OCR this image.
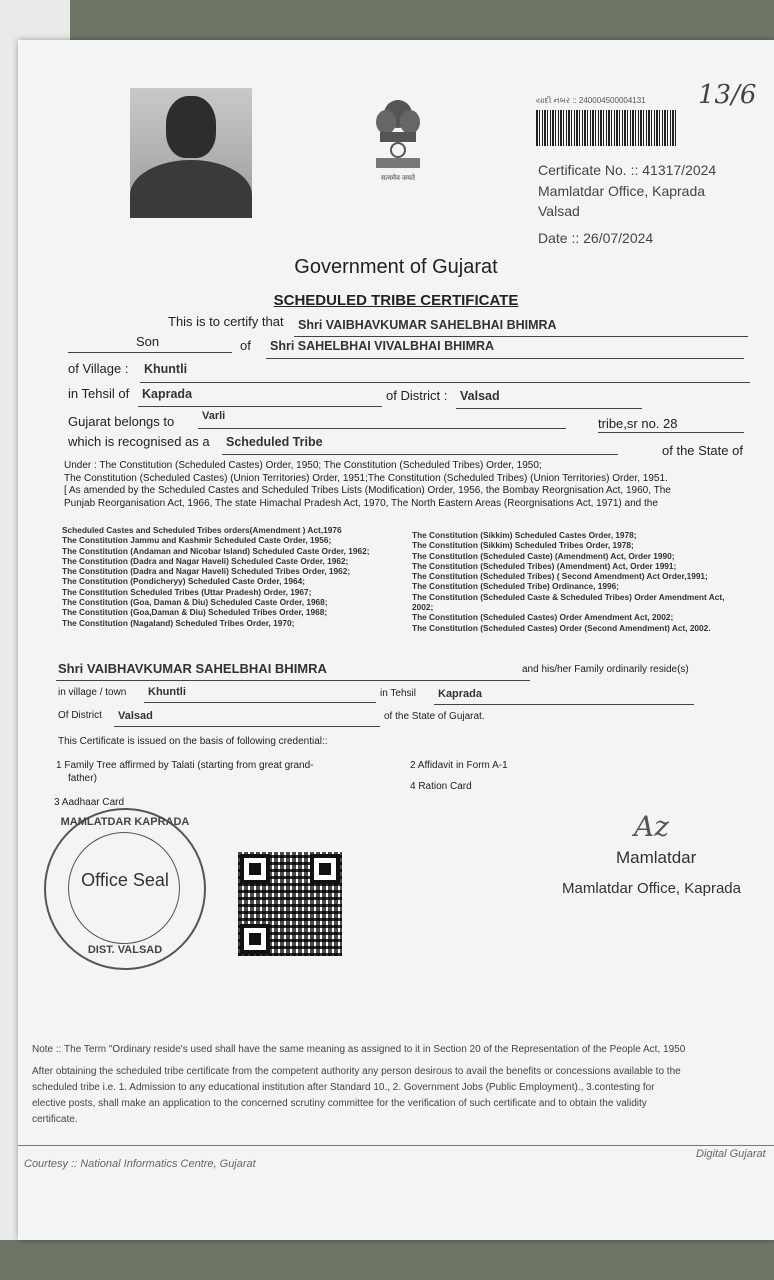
सत्यमेव जयते
યાદી નંબર :: 240004500004131 13/6
Certificate No. :: 41317/2024
Mamlatdar Office, Kaprada
Valsad
Date :: 26/07/2024
Government of Gujarat
SCHEDULED TRIBE CERTIFICATE
This is to certify that Shri VAIBHAVKUMAR SAHELBHAI BHIMRA
Son	of Shri SAHELBHAI VIVALBHAI BHIMRA
of Village : Khuntli
in Tehsil of Kaprada	of District : Valsad
Gujarat belongs to	Varli	tribe,sr no. 28
which is recognised as a Scheduled Tribe
of the State of
Under : The Constitution (Scheduled Castes) Order, 1950; The Constitution (Scheduled Tribes) Order, 1950;
The Constitution (Scheduled Castes) (Union Territories) Order, 1951;The Constitution (Scheduled Tribes) (Union Territories) Order, 1951.
[ As amended by the Scheduled Castes and Scheduled Tribes Lists (Modification) Order, 1956, the Bombay Reorgnisation Act, 1960, The
Punjab Reorganisation Act, 1966, The state Himachal Pradesh Act, 1970, The North Eastern Areas (Reorgnisations Act, 1971) and the
Scheduled Castes and Scheduled Tribes orders(Amendment ) Act,1976
The Constitution Jammu and Kashmir Scheduled Caste Order, 1956;
The Constitution (Andaman and Nicobar Island) Scheduled Caste Order, 1962;
The Constitution (Dadra and Nagar Haveli) Scheduled Caste Order, 1962;
The Constitution (Dadra and Nagar Haveli) Scheduled Tribes Order, 1962;
The Constitution (Pondicheryy) Scheduled Caste Order, 1964;
The Constitution Scheduled Tribes (Uttar Pradesh) Order, 1967;
The Constitution (Goa, Daman & Diu) Scheduled Caste Order, 1968;
The Constitution (Goa,Daman & Diu) Scheduled Tribes Order, 1968;
The Constitution (Nagaland) Scheduled Tribes Order, 1970;
The Constitution (Sikkim) Scheduled Castes Order, 1978;
The Constitution (Sikkim) Scheduled Tribes Order, 1978;
The Constitution (Scheduled Caste) (Amendment) Act, Order 1990;
The Constitution (Scheduled Tribes) (Amendment) Act, Order 1991;
The Constitution (Scheduled Tribes) ( Second Amendment) Act Order,1991;
The Constitution (Scheduled Tribe) Ordinance, 1996;
The Constitution (Scheduled Caste & Scheduled Tribes) Order Amendment Act,
2002;
The Constitution (Scheduled Castes) Order Amendment Act, 2002;
The Constitution (Scheduled Castes) Order (Second Amendment) Act, 2002.
Shri VAIBHAVKUMAR SAHELBHAI BHIMRA	and his/her Family ordinarily reside(s)
in village / town Khuntli	in Tehsil Kaprada
Of District Valsad	of the State of Gujarat.
This Certificate is issued on the basis of following credential::
1 Family Tree affirmed by Talati (starting from great grand-
father)
2 Affidavit in Form A-1
3 Aadhaar Card
4 Ration Card
MAMLATDAR KAPRADA
Office Seal
DIST. VALSAD
Az
Mamlatdar
Mamlatdar Office, Kaprada
Note :: The Term "Ordinary reside's used shall have the same meaning as assigned to it in Section 20 of the Representation of the People Act, 1950
After obtaining the scheduled tribe certificate from the competent authority any person desirous to avail the benefits or concessions available to the
scheduled tribe i.e. 1. Admission to any educational institution after Standard 10., 2. Government Jobs (Public Employment)., 3.contesting for
elective posts, shall make an application to the concerned scrutiny committee for the verification of such certificate and to obtain the validity
certificate.
Courtesy :: National Informatics Centre, Gujarat
Digital Gujarat
